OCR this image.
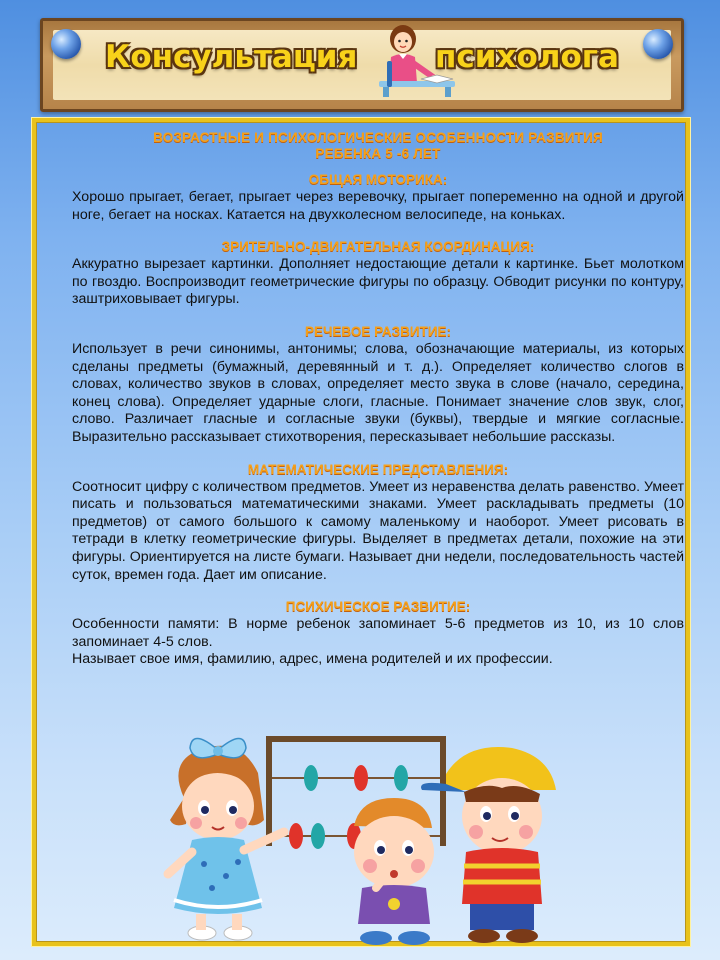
Консультация	психолога

ВОЗРАСТНЫЕ И ПСИХОЛОГИЧЕСКИЕ ОСОБЕННОСТИ РАЗВИТИЯ

РЕБЕНКА 5 -6 ЛЕТ

ОБЩАЯ МОТОРИКА:

Хорошо прыгает, бегает, прыгает через веревочку, прыгает попеременно на одной и другой ноге, бегает на носках. Катается на двухколесном велосипеде, на коньках.

ЗРИТЕЛЬНО-ДВИГАТЕЛЬНАЯ КООРДИНАЦИЯ:

Аккуратно вырезает картинки. Дополняет недостающие детали к картинке. Бьет молотком по гвоздю. Воспроизводит геометрические фигуры по образцу. Обводит рисунки по контуру, заштриховывает фигуры.

РЕЧЕВОЕ РАЗВИТИЕ:

Использует в речи синонимы, антонимы; слова, обозначающие материалы, из которых сделаны предметы (бумажный, деревянный и т. д.). Определяет количество слогов в словах, количество звуков в словах, определяет место звука в слове (начало, середина, конец слова). Определяет ударные слоги, гласные. Понимает значение слов звук, слог, слово. Различает гласные и согласные звуки (буквы), твердые и мягкие согласные. Выразительно рассказывает стихотворения, пересказывает небольшие рассказы.

МАТЕМАТИЧЕСКИЕ ПРЕДСТАВЛЕНИЯ:

Соотносит цифру с количеством предметов. Умеет из неравенства делать равенство. Умеет писать и пользоваться математическими знаками. Умеет раскладывать предметы (10 предметов) от самого большого к самому маленькому и наоборот. Умеет рисовать в тетради в клетку геометрические фигуры. Выделяет в предметах детали, похожие на эти фигуры. Ориентируется на листе бумаги. Называет дни недели, последовательность частей суток, времен года. Дает им описание.

ПСИХИЧЕСКОЕ РАЗВИТИЕ:

Особенности памяти: В норме ребенок запоминает 5-6 предметов из 10, из 10 слов запоминает 4-5 слов.

Называет свое имя, фамилию, адрес, имена родителей и их профессии.
